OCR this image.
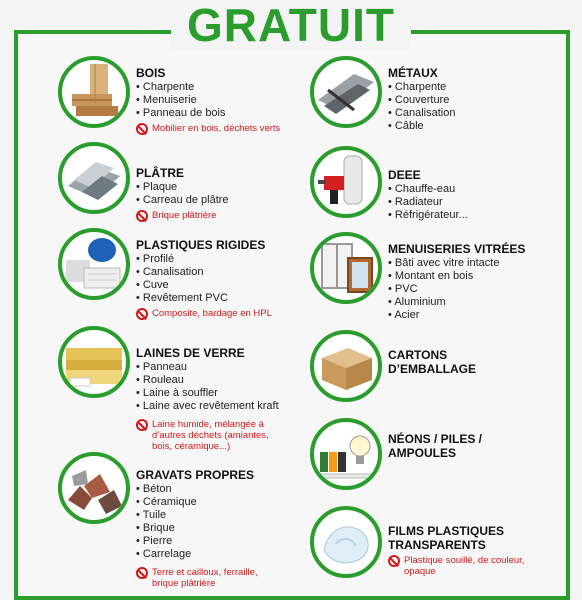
GRATUIT
BOIS
• Charpente
• Menuiserie
• Panneau de bois
Mobilier en bois, déchets verts
PLÂTRE
• Plaque
• Carreau de plâtre
Brique plâtrière
PLASTIQUES RIGIDES
• Profilé
• Canalisation
• Cuve
• Revêtement PVC
Composite, bardage en HPL
LAINES DE VERRE
• Panneau
• Rouleau
• Laine à souffler
• Laine avec revêtement kraft
Laine humide, mélangée à d’autres déchets (amiantes, bois, céramique...)
GRAVATS PROPRES
• Béton
• Céramique
• Tuile
• Brique
• Pierre
• Carrelage
Terre et cailloux, ferraille, brique plâtrière
MÉTAUX
• Charpente
• Couverture
• Canalisation
• Câble
DEEE
• Chauffe-eau
• Radiateur
• Réfrigérateur...
MENUISERIES VITRÉES
• Bâti avec vitre intacte
• Montant en bois
• PVC
• Aluminium
• Acier
CARTONS D’EMBALLAGE
NÉONS / PILES / AMPOULES
FILMS PLASTIQUES TRANSPARENTS
Plastique souillé, de couleur, opaque
